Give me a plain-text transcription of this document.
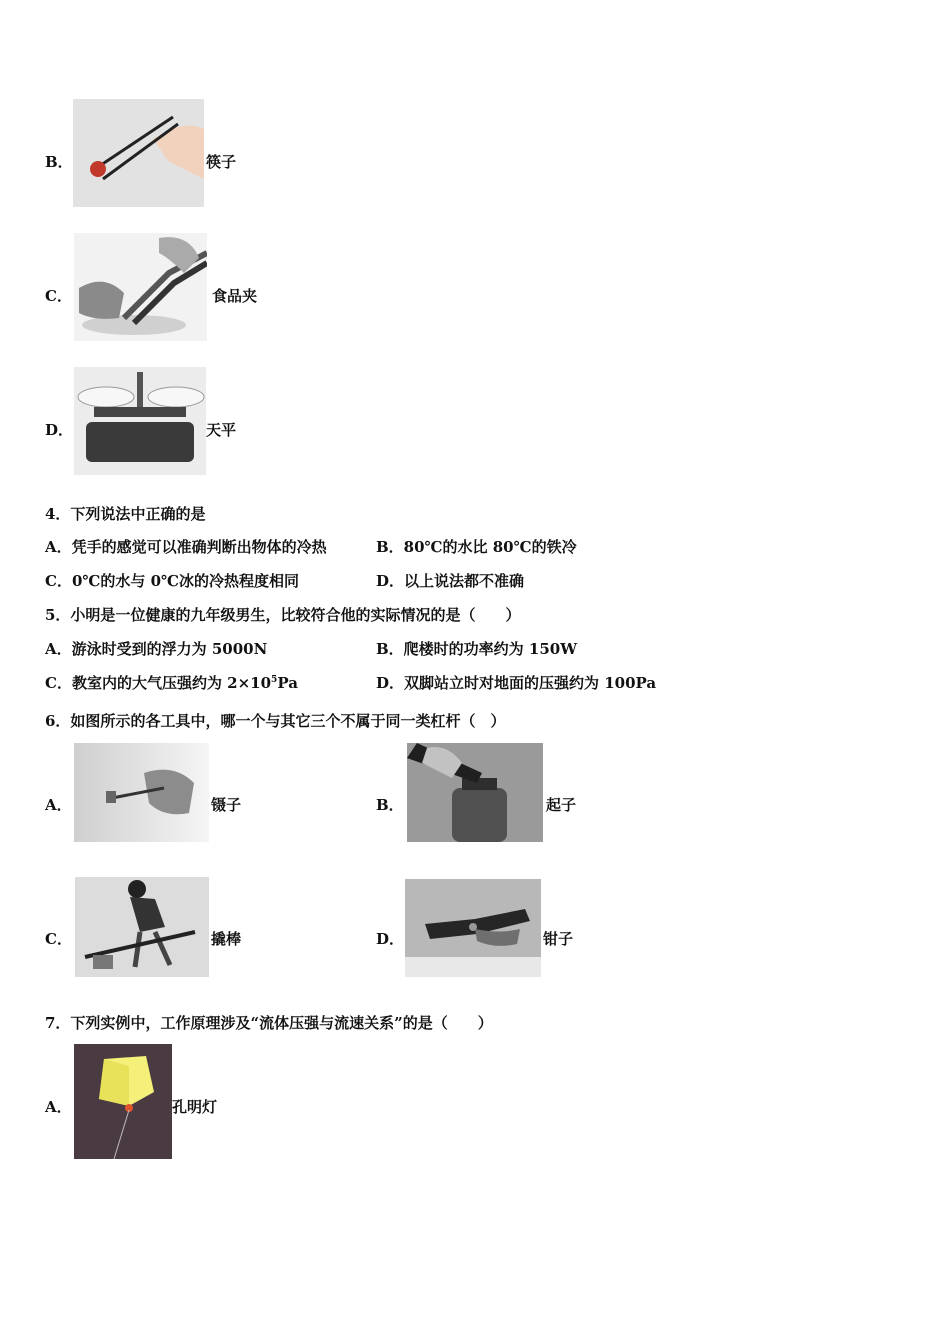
B．	筷子
C．	食品夹
D．	天平
4．下列说法中正确的是
A．凭手的感觉可以准确判断出物体的冷热	B．80℃的水比 80℃的铁冷
C．0℃的水与 0℃冰的冷热程度相同	D．以上说法都不准确
5．小明是一位健康的九年级男生，比较符合他的实际情况的是（　　）
A．游泳时受到的浮力为 5000N	B．爬楼时的功率约为 150W
C．教室内的大气压强约为 $2\times 10^5Pa$	D．双脚站立时对地面的压强约为 100Pa
6．如图所示的各工具中，哪一个与其它三个不属于同一类杠杆（　）
A．	镊子	B．	起子
C．	撬棒	D．	钳子
7．下列实例中，工作原理涉及“流体压强与流速关系”的是（　　）
A．	孔明灯
